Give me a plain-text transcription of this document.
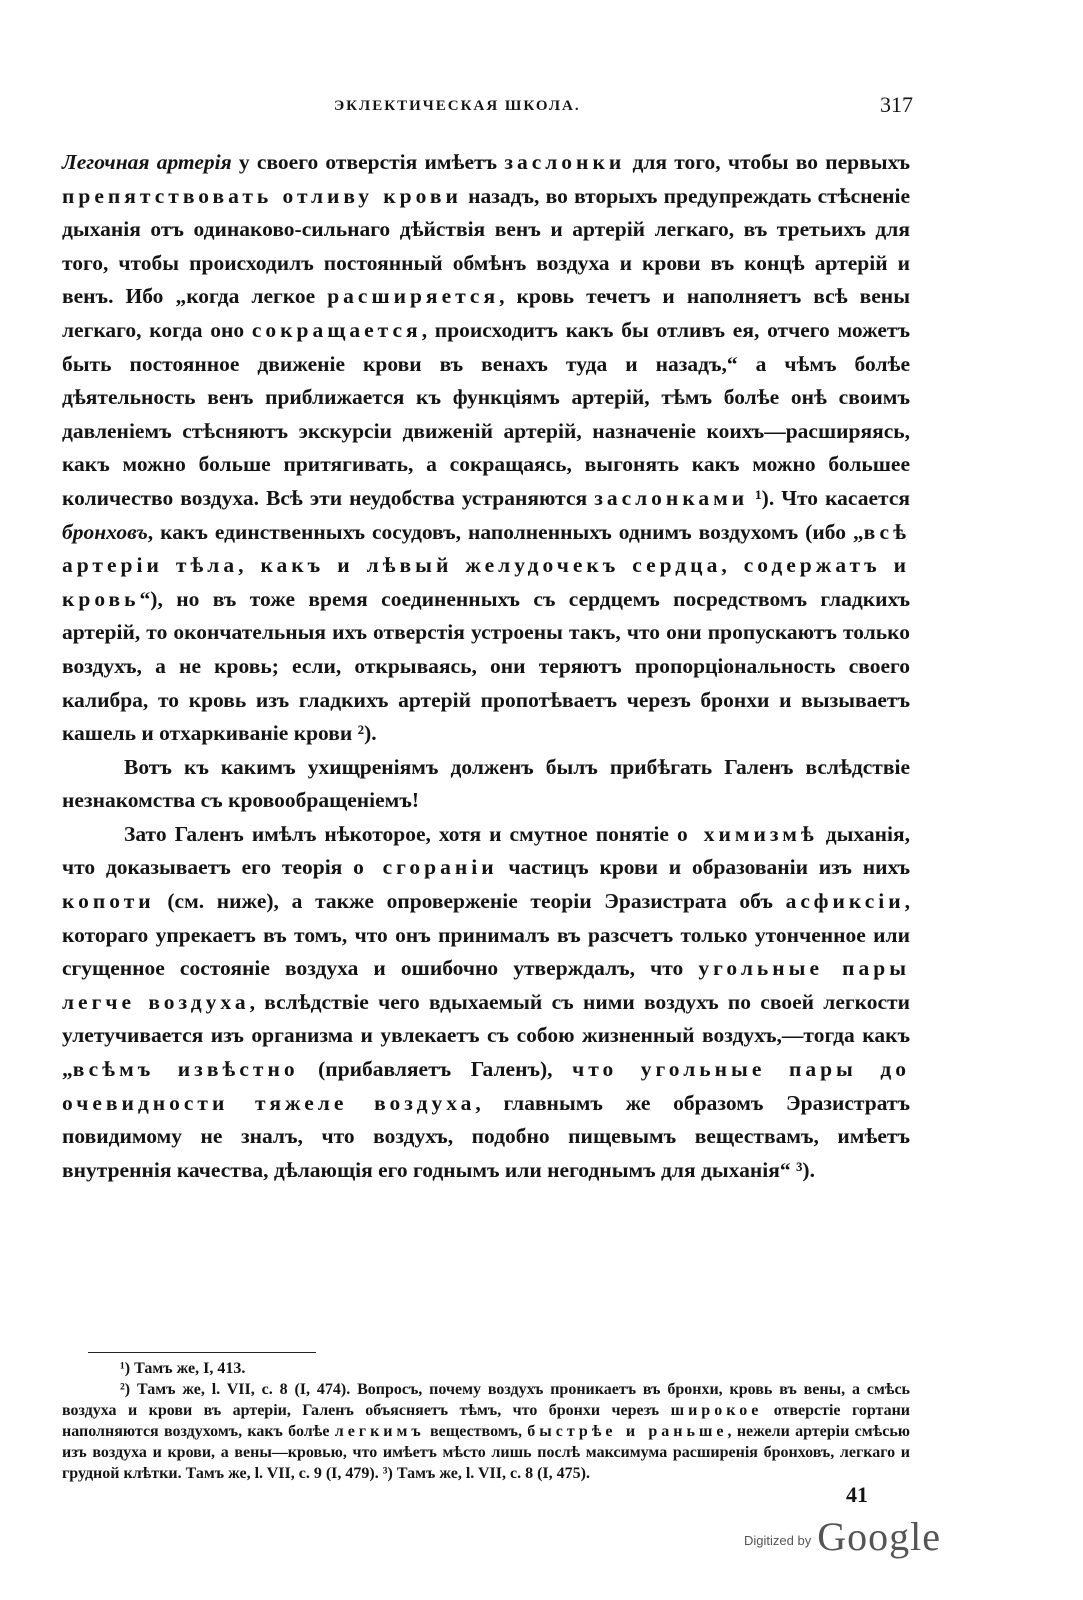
ЭКЛЕКТИЧЕСКАЯ ШКОЛА.	317

Легочная артерія у своего отверстія имѣетъ заслонки для того, чтобы во первыхъ препятствовать отливу крови назадъ, во вторыхъ предупреждать стѣсненіе дыханія отъ одинаково-сильнаго дѣйствія венъ и артерій легкаго, въ третьихъ для того, чтобы происходилъ постоянный обмѣнъ воздуха и крови въ концѣ артерій и венъ. Ибо „когда легкое расширяется, кровь течетъ и наполняетъ всѣ вены легкаго, когда оно сокращается, происходитъ какъ бы отливъ ея, отчего можетъ быть постоянное движеніе крови въ венахъ туда и назадъ,“ а чѣмъ болѣе дѣятельность венъ приближается къ функціямъ артерій, тѣмъ болѣе онѣ своимъ давленіемъ стѣсняютъ экскурсіи движеній артерій, назначеніе коихъ—расширяясь, какъ можно больше притягивать, а сокращаясь, выгонять какъ можно большее количество воздуха. Всѣ эти неудобства устраняются заслонками ¹). Что касается бронховъ, какъ единственныхъ сосудовъ, наполненныхъ однимъ воздухомъ (ибо „всѣ артеріи тѣла, какъ и лѣвый желудочекъ сердца, содержатъ и кровь“), но въ тоже время соединенныхъ съ сердцемъ посредствомъ гладкихъ артерій, то окончательныя ихъ отверстія устроены такъ, что они пропускаютъ только воздухъ, а не кровь; если, открываясь, они теряютъ пропорціональность своего калибра, то кровь изъ гладкихъ артерій пропотѣваетъ черезъ бронхи и вызываетъ кашель и отхаркиваніе крови ²).

Вотъ къ какимъ ухищреніямъ долженъ былъ прибѣгать Галенъ вслѣдствіе незнакомства съ кровообращеніемъ!

Зато Галенъ имѣлъ нѣкоторое, хотя и смутное понятіе о химизмѣ дыханія, что доказываетъ его теорія о сгораніи частицъ крови и образованіи изъ нихъ копоти (см. ниже), а также опроверженіе теоріи Эразистрата объ асфиксіи, котораго упрекаетъ въ томъ, что онъ принималъ въ разсчетъ только утонченное или сгущенное состояніе воздуха и ошибочно утверждалъ, что угольные пары легче воздуха, вслѣдствіе чего вдыхаемый съ ними воздухъ по своей легкости улетучивается изъ организма и увлекаетъ съ собою жизненный воздухъ,—тогда какъ „всѣмъ извѣстно (прибавляетъ Галенъ), что угольные пары до очевидности тяжеле воздуха, главнымъ же образомъ Эразистратъ повидимому не зналъ, что воздухъ, подобно пищевымъ веществамъ, имѣетъ внутреннія качества, дѣлающія его годнымъ или негоднымъ для дыханія“ ³).

¹) Тамъ же, I, 413.

²) Тамъ же, l. VII, c. 8 (I, 474). Вопросъ, почему воздухъ проникаетъ въ бронхи, кровь въ вены, а смѣсь воздуха и крови въ артеріи, Галенъ объясняетъ тѣмъ, что бронхи черезъ широкое отверстіе гортани наполняются воздухомъ, какъ болѣе легкимъ веществомъ, быстрѣе и раньше, нежели артеріи смѣсью изъ воздуха и крови, а вены—кровью, что имѣетъ мѣсто лишь послѣ максимума расширенія бронховъ, легкаго и грудной клѣтки. Тамъ же, l. VII, c. 9 (I, 479). ³) Тамъ же, l. VII, c. 8 (I, 475).

41
Digitized by Google
